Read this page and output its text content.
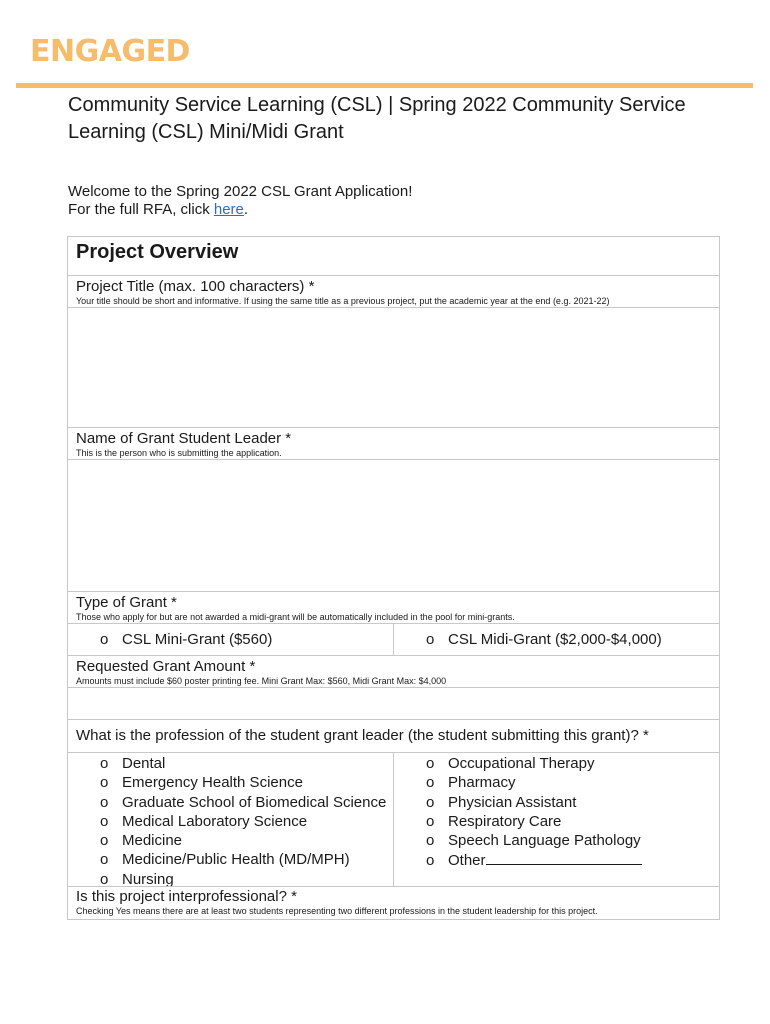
ENGAGED
Community Service Learning (CSL) | Spring 2022 Community Service Learning (CSL) Mini/Midi Grant
Welcome to the Spring 2022 CSL Grant Application!
For the full RFA, click here.
Project Overview
Project Title (max. 100 characters) *
Your title should be short and informative. If using the same title as a previous project, put the academic year at the end (e.g. 2021-22)
Name of Grant Student Leader *
This is the person who is submitting the application.
Type of Grant *
Those who apply for but are not awarded a midi-grant will be automatically included in the pool for mini-grants.
o CSL Mini-Grant ($560)	o CSL Midi-Grant ($2,000-$4,000)
Requested Grant Amount *
Amounts must include $60 poster printing fee. Mini Grant Max: $560, Midi Grant Max: $4,000
What is the profession of the student grant leader (the student submitting this grant)? *
o Dental
o Emergency Health Science
o Graduate School of Biomedical Science
o Medical Laboratory Science
o Medicine
o Medicine/Public Health (MD/MPH)
o Nursing
o Occupational Therapy
o Pharmacy
o Physician Assistant
o Respiratory Care
o Speech Language Pathology
o Other
Is this project interprofessional? *
Checking Yes means there are at least two students representing two different professions in the student leadership for this project.
